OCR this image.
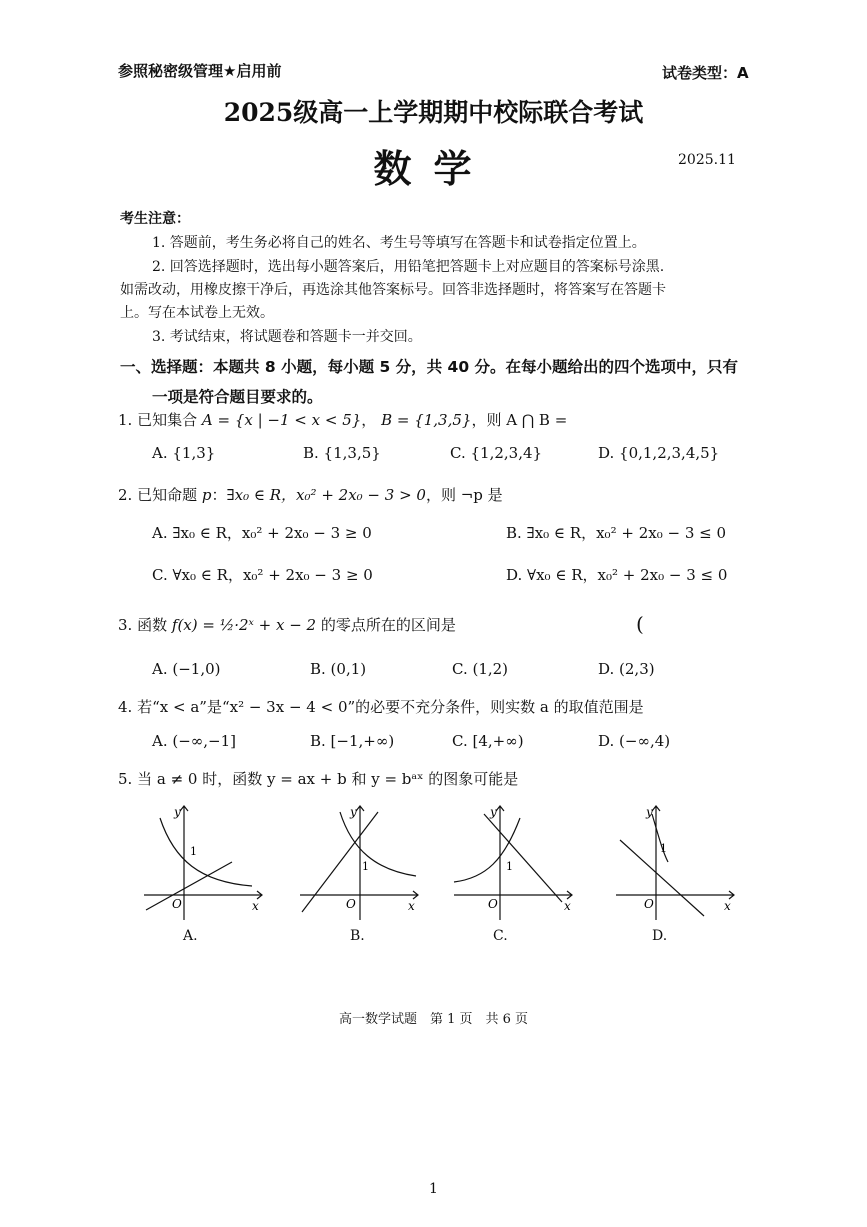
参照秘密级管理★启用前	试卷类型：A
2025级高一上学期期中校际联合考试
数学	2025.11
考生注意：
1. 答题前，考生务必将自己的姓名、考生号等填写在答题卡和试卷指定位置上。
2. 回答选择题时，选出每小题答案后，用铅笔把答题卡上对应题目的答案标号涂黑.
如需改动，用橡皮擦干净后，再选涂其他答案标号。回答非选择题时，将答案写在答题卡
上。写在本试卷上无效。
3. 考试结束，将试题卷和答题卡一并交回。
一、选择题：本题共 8 小题，每小题 5 分，共 40 分。在每小题给出的四个选项中，只有
一项是符合题目要求的。
1. 已知集合 A = {x | −1 < x < 5}， B = {1,3,5}，则 A ⋂ B =
A. {1,3}	B. {1,3,5}	C. {1,2,3,4}	D. {0,1,2,3,4,5}
2. 已知命题 p：∃x₀ ∈ R，x₀² + 2x₀ − 3 > 0，则 ¬p 是
A. ∃x₀ ∈ R，x₀² + 2x₀ − 3 ≥ 0	B. ∃x₀ ∈ R，x₀² + 2x₀ − 3 ≤ 0
C. ∀x₀ ∈ R，x₀² + 2x₀ − 3 ≥ 0	D. ∀x₀ ∈ R，x₀² + 2x₀ − 3 ≤ 0
3. 函数 f(x) = ½·2ˣ + x − 2 的零点所在的区间是	(
A. (−1,0)	B. (0,1)	C. (1,2)	D. (2,3)
4. 若“x < a”是“x² − 3x − 4 < 0”的必要不充分条件，则实数 a 的取值范围是
A. (−∞,−1]	B. [−1,+∞)	C. [4,+∞)	D. (−∞,4)
5. 当 a ≠ 0 时，函数 y = ax + b 和 y = bᵃˣ 的图象可能是
y
x
O
1
A.
y
x
O
1
B.
y
x
O
1
C.
y
x
O
1
D.
高一数学试题　第 1 页　共 6 页
1
